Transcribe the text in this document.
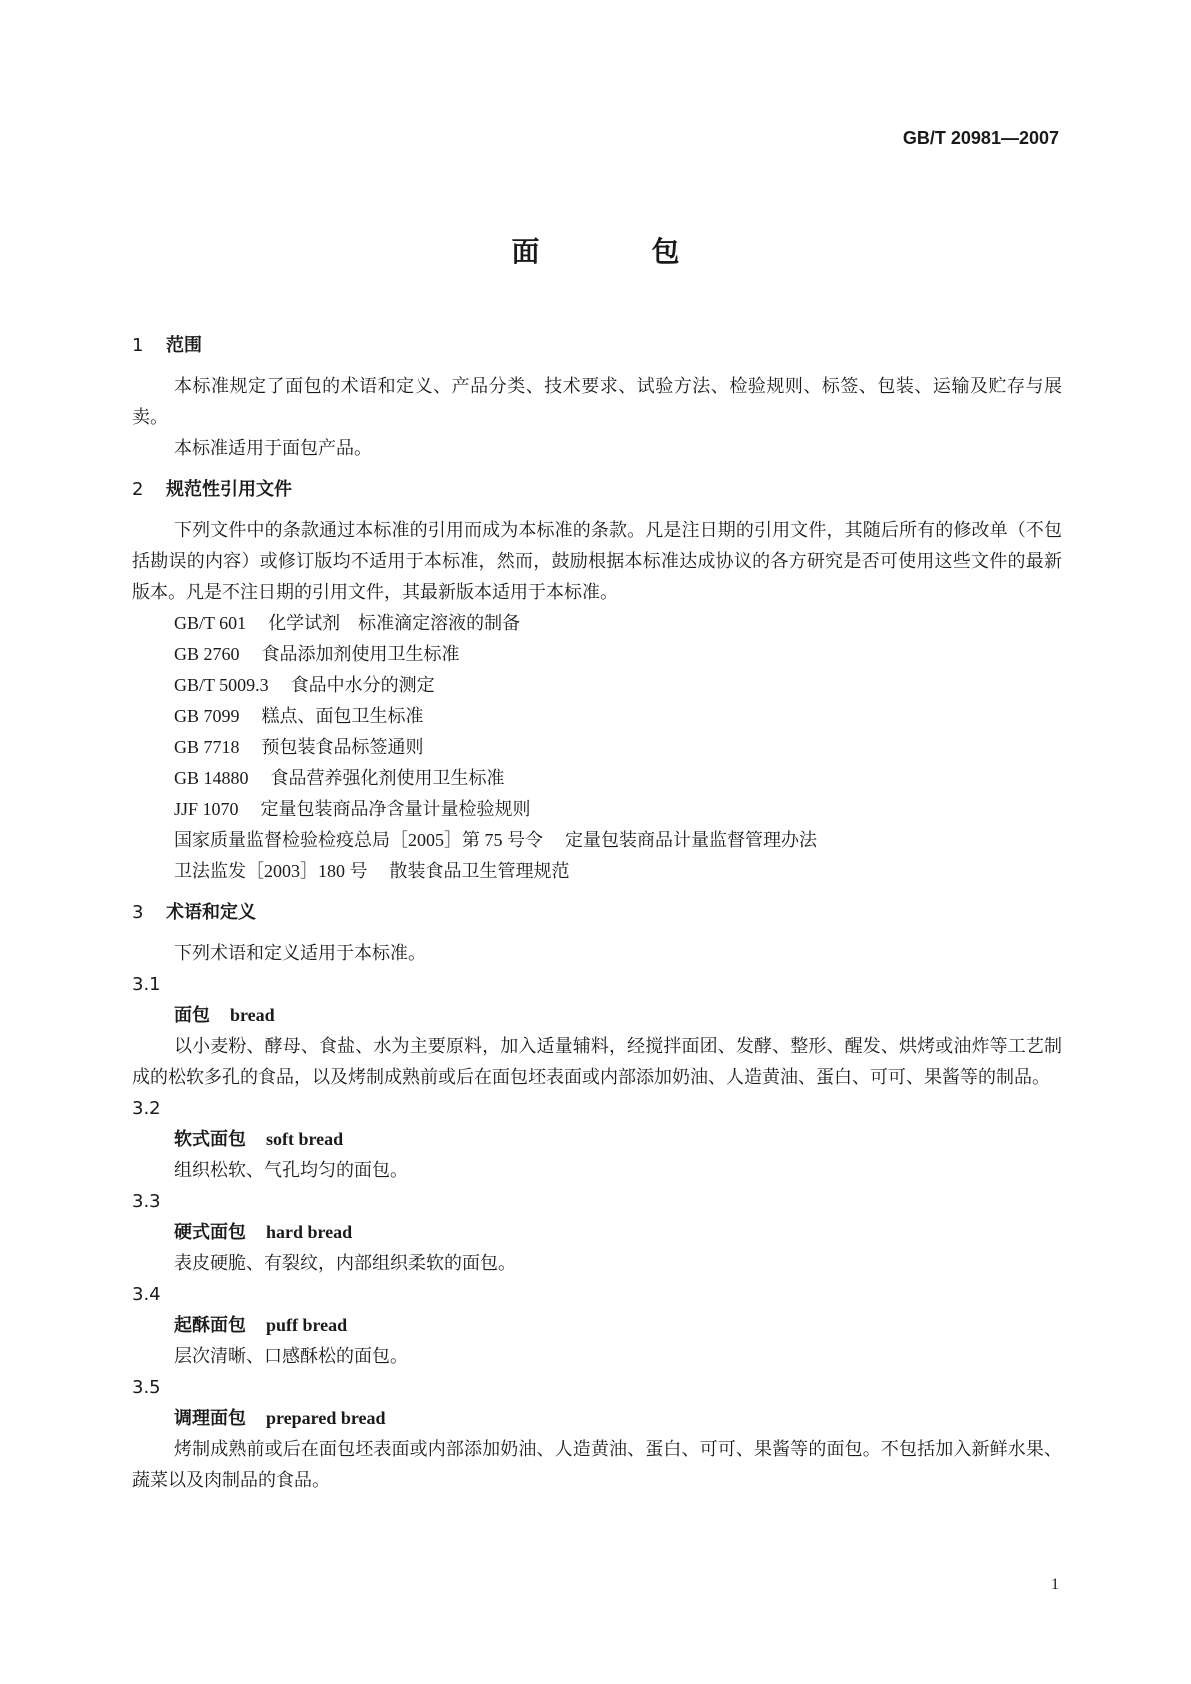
GB/T 20981—2007
面　包
1	范围
本标准规定了面包的术语和定义、产品分类、技术要求、试验方法、检验规则、标签、包装、运输及贮存与展卖。
本标准适用于面包产品。
2	规范性引用文件
下列文件中的条款通过本标准的引用而成为本标准的条款。凡是注日期的引用文件，其随后所有的修改单（不包括勘误的内容）或修订版均不适用于本标准，然而，鼓励根据本标准达成协议的各方研究是否可使用这些文件的最新版本。凡是不注日期的引用文件，其最新版本适用于本标准。
GB/T 601 化学试剂　标准滴定溶液的制备
GB 2760 食品添加剂使用卫生标准
GB/T 5009.3 食品中水分的测定
GB 7099 糕点、面包卫生标准
GB 7718 预包装食品标签通则
GB 14880 食品营养强化剂使用卫生标准
JJF 1070 定量包装商品净含量计量检验规则
国家质量监督检验检疫总局［2005］第 75 号令 定量包装商品计量监督管理办法
卫法监发［2003］180 号 散装食品卫生管理规范
3	术语和定义
下列术语和定义适用于本标准。
3.1
面包 bread
以小麦粉、酵母、食盐、水为主要原料，加入适量辅料，经搅拌面团、发酵、整形、醒发、烘烤或油炸等工艺制成的松软多孔的食品，以及烤制成熟前或后在面包坯表面或内部添加奶油、人造黄油、蛋白、可可、果酱等的制品。
3.2
软式面包 soft bread
组织松软、气孔均匀的面包。
3.3
硬式面包 hard bread
表皮硬脆、有裂纹，内部组织柔软的面包。
3.4
起酥面包 puff bread
层次清晰、口感酥松的面包。
3.5
调理面包 prepared bread
烤制成熟前或后在面包坯表面或内部添加奶油、人造黄油、蛋白、可可、果酱等的面包。不包括加入新鲜水果、蔬菜以及肉制品的食品。
1
